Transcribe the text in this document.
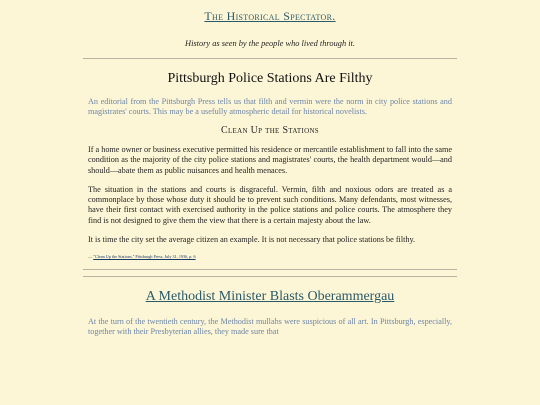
The Historical Spectator.
History as seen by the people who lived through it.
Pittsburgh Police Stations Are Filthy
An editorial from the Pittsburgh Press tells us that filth and vermin were the norm in city police stations and magistrates' courts. This may be a usefully atmospheric detail for historical novelists.
Clean Up the Stations

If a home owner or business executive permitted his residence or mercantile establishment to fall into the same condition as the majority of the city police stations and magistrates' courts, the health department would—and should—abate them as public nuisances and health menaces.

The situation in the stations and courts is disgraceful. Vermin, filth and noxious odors are treated as a commonplace by those whose duty it should be to prevent such conditions. Many defendants, most witnesses, have their first contact with exercised authority in the police stations and police courts. The atmosphere they find is not designed to give them the view that there is a certain majesty about the law.

It is time the city set the average citizen an example. It is not necessary that police stations be filthy.

— "Clean Up the Stations," Pittsburgh Press, July 31, 1936, p. 6
A Methodist Minister Blasts Oberammergau
At the turn of the twentieth century, the Methodist mullahs were suspicious of all art. In Pittsburgh, especially, together with their Presbyterian allies, they made sure that
